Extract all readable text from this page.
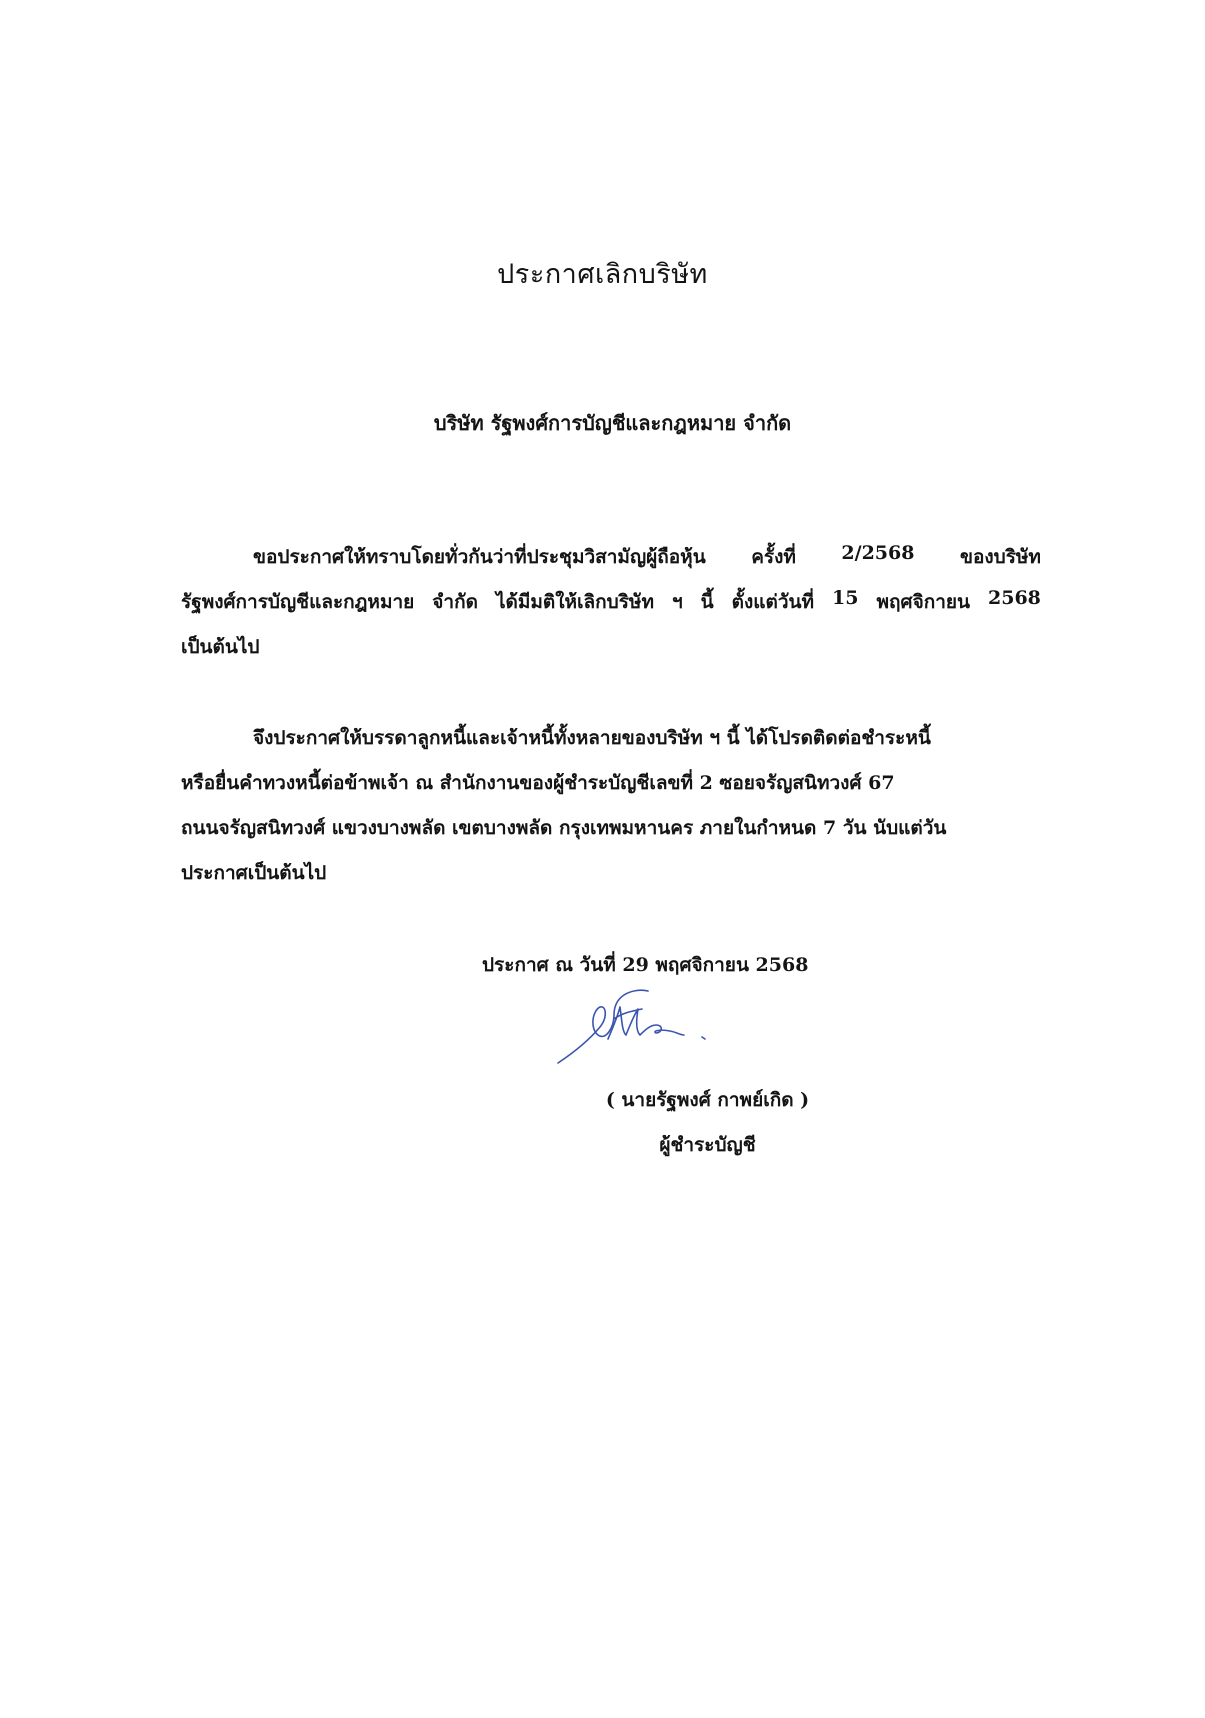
ประกาศเลิกบริษัท
บริษัท รัฐพงศ์การบัญชีและกฎหมาย จำกัด
ขอประกาศให้ทราบโดยทั่วกันว่าที่ประชุมวิสามัญผู้ถือหุ้น ครั้งที่ 2/2568 ของบริษัท
รัฐพงศ์การบัญชีและกฎหมาย จำกัด ได้มีมติให้เลิกบริษัท ฯ นี้ ตั้งแต่วันที่ 15 พฤศจิกายน 2568
เป็นต้นไป
จึงประกาศให้บรรดาลูกหนี้และเจ้าหนี้ทั้งหลายของบริษัท ฯ นี้ ได้โปรดติดต่อชำระหนี้
หรือยื่นคำทวงหนี้ต่อข้าพเจ้า ณ สำนักงานของผู้ชำระบัญชีเลขที่ 2 ซอยจรัญสนิทวงศ์ 67
ถนนจรัญสนิทวงศ์ แขวงบางพลัด เขตบางพลัด กรุงเทพมหานคร ภายในกำหนด 7 วัน นับแต่วัน
ประกาศเป็นต้นไป
ประกาศ ณ วันที่ 29 พฤศจิกายน 2568
( นายรัฐพงศ์ กาพย์เกิด )
ผู้ชำระบัญชี
